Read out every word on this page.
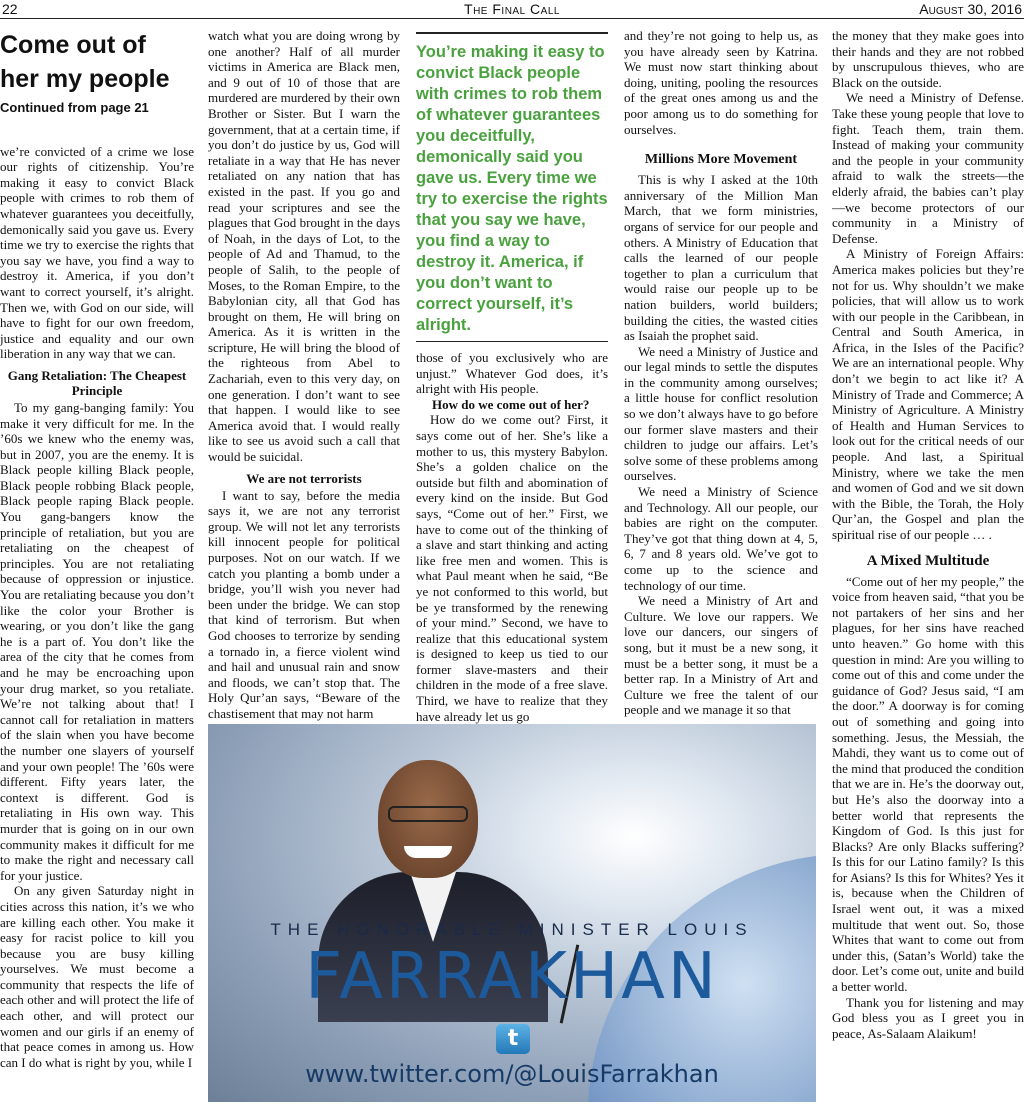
22	The Final Call	August 30, 2016
Come out of
her my people
Continued from page 21

we’re convicted of a crime we lose our rights of citizenship. You’re making it easy to convict Black people with crimes to rob them of whatever guarantees you deceitfully, demonically said you gave us. Every time we try to exercise the rights that you say we have, you find a way to destroy it. America, if you don’t want to correct yourself, it’s alright. Then we, with God on our side, will have to fight for our own freedom, justice and equality and our own liberation in any way that we can.

Gang Retaliation: The Cheapest Principle

To my gang-banging family: You make it very difficult for me. In the ’60s we knew who the enemy was, but in 2007, you are the enemy. It is Black people killing Black people, Black people robbing Black people, Black people raping Black people. You gang-bangers know the principle of retaliation, but you are retaliating on the cheapest of principles. You are not retaliating because of oppression or injustice. You are retaliating because you don’t like the color your Brother is wearing, or you don’t like the gang he is a part of. You don’t like the area of the city that he comes from and he may be encroaching upon your drug market, so you retaliate. We’re not talking about that! I cannot call for retaliation in matters of the slain when you have become the number one slayers of yourself and your own people! The ’60s were different. Fifty years later, the context is different. God is retaliating in His own way. This murder that is going on in our own community makes it difficult for me to make the right and necessary call for your justice.

On any given Saturday night in cities across this nation, it’s we who are killing each other. You make it easy for racist police to kill you because you are busy killing yourselves. We must become a community that respects the life of each other and will protect the life of each other, and will protect our women and our girls if an enemy of that peace comes in among us. How can I do what is right by you, while I

watch what you are doing wrong by one another? Half of all murder victims in America are Black men, and 9 out of 10 of those that are murdered are murdered by their own Brother or Sister. But I warn the government, that at a certain time, if you don’t do justice by us, God will retaliate in a way that He has never retaliated on any nation that has existed in the past. If you go and read your scriptures and see the plagues that God brought in the days of Noah, in the days of Lot, to the people of Ad and Thamud, to the people of Salih, to the people of Moses, to the Roman Empire, to the Babylonian city, all that God has brought on them, He will bring on America. As it is written in the scripture, He will bring the blood of the righteous from Abel to Zachariah, even to this very day, on one generation. I don’t want to see that happen. I would like to see America avoid that. I would really like to see us avoid such a call that would be suicidal.

We are not terrorists

I want to say, before the media says it, we are not any terrorist group. We will not let any terrorists kill innocent people for political purposes. Not on our watch. If we catch you planting a bomb under a bridge, you’ll wish you never had been under the bridge. We can stop that kind of terrorism. But when God chooses to terrorize by sending a tornado in, a fierce violent wind and hail and unusual rain and snow and floods, we can’t stop that. The Holy Qur’an says, “Beware of the chastisement that may not harm

You’re making it easy to convict Black people with crimes to rob them of whatever guarantees you deceitfully, demonically said you gave us. Every time we try to exercise the rights that you say we have, you find a way to destroy it. America, if you don’t want to correct yourself, it’s alright.

those of you exclusively who are unjust.” Whatever God does, it’s alright with His people.

How do we come out of her?

How do we come out? First, it says come out of her. She’s like a mother to us, this mystery Babylon. She’s a golden chalice on the outside but filth and abomination of every kind on the inside. But God says, “Come out of her.” First, we have to come out of the thinking of a slave and start thinking and acting like free men and women. This is what Paul meant when he said, “Be ye not conformed to this world, but be ye transformed by the renewing of your mind.” Second, we have to realize that this educational system is designed to keep us tied to our former slave-masters and their children in the mode of a free slave. Third, we have to realize that they have already let us go

and they’re not going to help us, as you have already seen by Katrina. We must now start thinking about doing, uniting, pooling the resources of the great ones among us and the poor among us to do something for ourselves.

Millions More Movement

This is why I asked at the 10th anniversary of the Million Man March, that we form ministries, organs of service for our people and others. A Ministry of Education that calls the learned of our people together to plan a curriculum that would raise our people up to be nation builders, world builders; building the cities, the wasted cities as Isaiah the prophet said.

We need a Ministry of Justice and our legal minds to settle the disputes in the community among ourselves; a little house for conflict resolution so we don’t always have to go before our former slave masters and their children to judge our affairs. Let’s solve some of these problems among ourselves.

We need a Ministry of Science and Technology. All our people, our babies are right on the computer. They’ve got that thing down at 4, 5, 6, 7 and 8 years old. We’ve got to come up to the science and technology of our time.

We need a Ministry of Art and Culture. We love our rappers. We love our dancers, our singers of song, but it must be a new song, it must be a better song, it must be a better rap. In a Ministry of Art and Culture we free the talent of our people and we manage it so that

the money that they make goes into their hands and they are not robbed by unscrupulous thieves, who are Black on the outside.

We need a Ministry of Defense. Take these young people that love to fight. Teach them, train them. Instead of making your community and the people in your community afraid to walk the streets—the elderly afraid, the babies can’t play—we become protectors of our community in a Ministry of Defense.

A Ministry of Foreign Affairs: America makes policies but they’re not for us. Why shouldn’t we make policies, that will allow us to work with our people in the Caribbean, in Central and South America, in Africa, in the Isles of the Pacific? We are an international people. Why don’t we begin to act like it? A Ministry of Trade and Commerce; A Ministry of Agriculture. A Ministry of Health and Human Services to look out for the critical needs of our people. And last, a Spiritual Ministry, where we take the men and women of God and we sit down with the Bible, the Torah, the Holy Qur’an, the Gospel and plan the spiritual rise of our people … .

A Mixed Multitude

“Come out of her my people,” the voice from heaven said, “that you be not partakers of her sins and her plagues, for her sins have reached unto heaven.” Go home with this question in mind: Are you willing to come out of this and come under the guidance of God? Jesus said, “I am the door.” A doorway is for coming out of something and going into something. Jesus, the Messiah, the Mahdi, they want us to come out of the mind that produced the condition that we are in. He’s the doorway out, but He’s also the doorway into a better world that represents the Kingdom of God. Is this just for Blacks? Are only Blacks suffering? Is this for our Latino family? Is this for Asians? Is this for Whites? Yes it is, because when the Children of Israel went out, it was a mixed multitude that went out. So, those Whites that want to come out from under this, (Satan’s World) take the door. Let’s come out, unite and build a better world.

Thank you for listening and may God bless you as I greet you in peace, As-Salaam Alaikum!

THE HONORABLE MINISTER LOUIS
FARRAKHAN
t
www.twitter.com/@LouisFarrakhan
